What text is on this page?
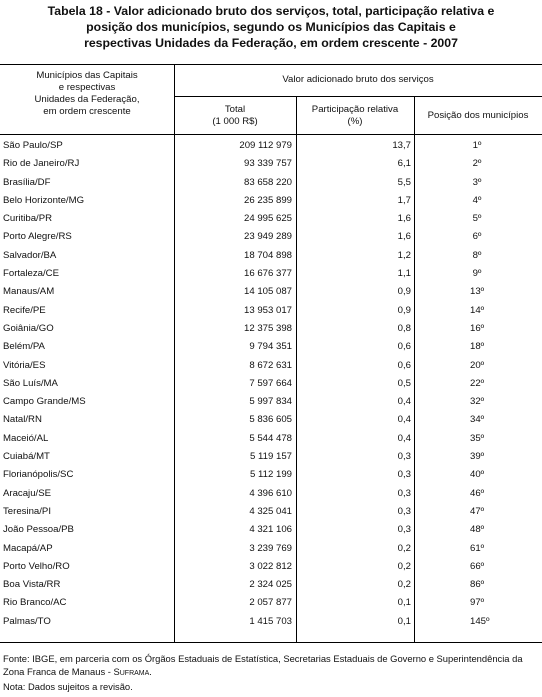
Tabela 18 - Valor adicionado bruto dos serviços, total, participação relativa e
posição dos municípios, segundo os Municípios das Capitais e
respectivas Unidades da Federação, em ordem crescente - 2007
Municípios das Capitais
e respectivas
Unidades da Federação,
em ordem crescente
Valor adicionado bruto dos serviços
Total
(1 000 R$)
Participação relativa
(%)
Posição dos municípios
São Paulo/SP	209 112 979	13,7	1º
Rio de Janeiro/RJ	93 339 757	6,1	2º
Brasília/DF	83 658 220	5,5	3º
Belo Horizonte/MG	26 235 899	1,7	4º
Curitiba/PR	24 995 625	1,6	5º
Porto Alegre/RS	23 949 289	1,6	6º
Salvador/BA	18 704 898	1,2	8º
Fortaleza/CE	16 676 377	1,1	9º
Manaus/AM	14 105 087	0,9	13º
Recife/PE	13 953 017	0,9	14º
Goiânia/GO	12 375 398	0,8	16º
Belém/PA	9 794 351	0,6	18º
Vitória/ES	8 672 631	0,6	20º
São Luís/MA	7 597 664	0,5	22º
Campo Grande/MS	5 997 834	0,4	32º
Natal/RN	5 836 605	0,4	34º
Maceió/AL	5 544 478	0,4	35º
Cuiabá/MT	5 119 157	0,3	39º
Florianópolis/SC	5 112 199	0,3	40º
Aracaju/SE	4 396 610	0,3	46º
Teresina/PI	4 325 041	0,3	47º
João Pessoa/PB	4 321 106	0,3	48º
Macapá/AP	3 239 769	0,2	61º
Porto Velho/RO	3 022 812	0,2	66º
Boa Vista/RR	2 324 025	0,2	86º
Rio Branco/AC	2 057 877	0,1	97º
Palmas/TO	1 415 703	0,1	145º
Fonte: IBGE, em parceria com os Órgãos Estaduais de Estatística, Secretarias Estaduais de Governo e Superintendência da Zona Franca de Manaus - Suframa.
Nota: Dados sujeitos a revisão.
